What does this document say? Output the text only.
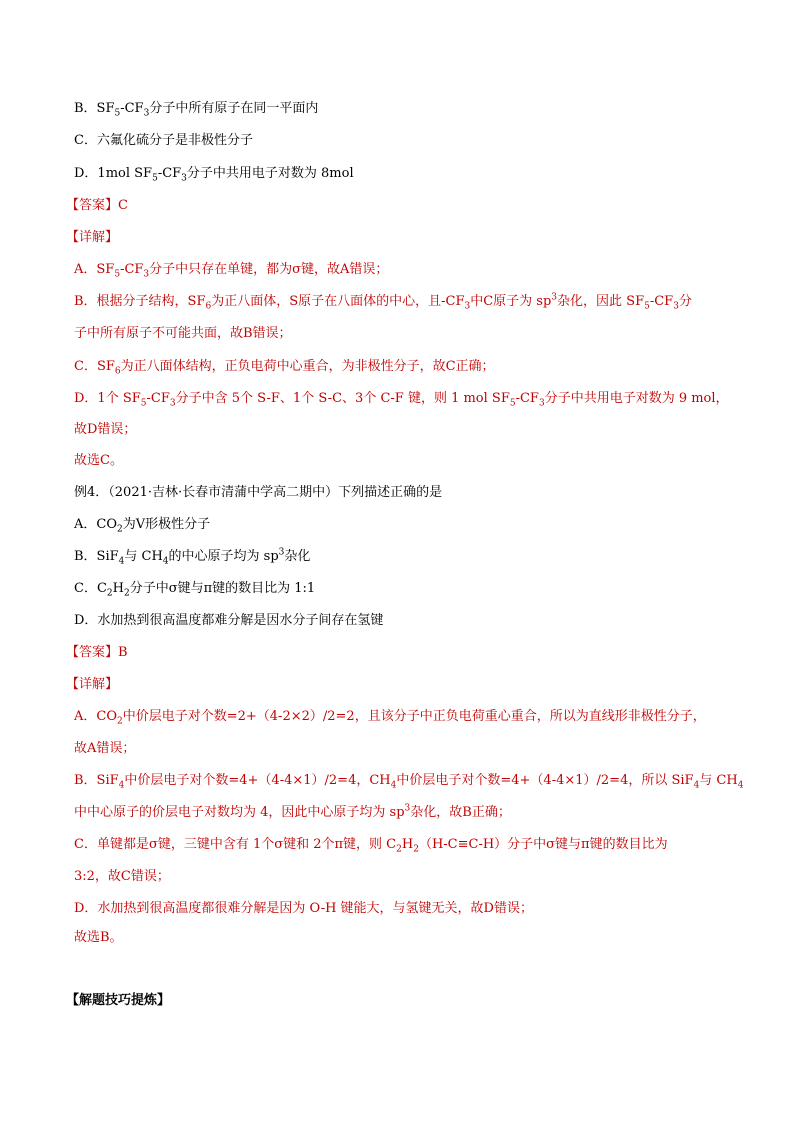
B．$SF_5-CF_3$分子中所有原子在同一平面内
C．六氟化硫分子是非极性分子
D．1mol $SF_5-CF_3$分子中共用电子对数为 8mol
【答案】C
【详解】
A．$SF_5-CF_3$分子中只存在单键，都为σ键，故A错误；
B．根据分子结构，$SF_6$为正八面体，S原子在八面体的中心，且$-CF_3$中C原子为 $sp^3$杂化，因此 $SF_5-CF_3$分
子中所有原子不可能共面，故B错误；
C．$SF_6$为正八面体结构，正负电荷中心重合，为非极性分子，故C正确；
D．1个 $SF_5-CF_3$分子中含 5个 S-F、1个 S-C、3个 C-F 键，则 1 mol $SF_5-CF_3$分子中共用电子对数为 9 mol，
故D错误；
故选C。
例4．（2021·吉林·长春市清蒲中学高二期中）下列描述正确的是
A．$CO_2$为V形极性分子
B．SiF$_4$与 $CH_4$的中心原子均为 $sp^3$杂化
C．$C_2H_2$分子中σ键与π键的数目比为 1:1
D．水加热到很高温度都难分解是因水分子间存在氢键
【答案】B
【详解】
A．$CO_2$中价层电子对个数=2+（4-2×2）/2=2，且该分子中正负电荷重心重合，所以为直线形非极性分子，
故A错误；
B．SiF$_4$中价层电子对个数=4+（4-4×1）/2=4，$CH_4$中价层电子对个数=4+（4-4×1）/2=4，所以 SiF$_4$与 $CH_4$
中中心原子的价层电子对数均为 4，因此中心原子均为 $sp^3$杂化，故B正确；
C．单键都是σ键，三键中含有 1个σ键和 2个π键，则 $C_2H_2(H-C\equiv C-H)$分子中σ键与π键的数目比为
3:2，故C错误；
D．水加热到很高温度都很难分解是因为 O-H 键能大，与氢键无关，故D错误；
故选B。
【解题技巧提炼】
